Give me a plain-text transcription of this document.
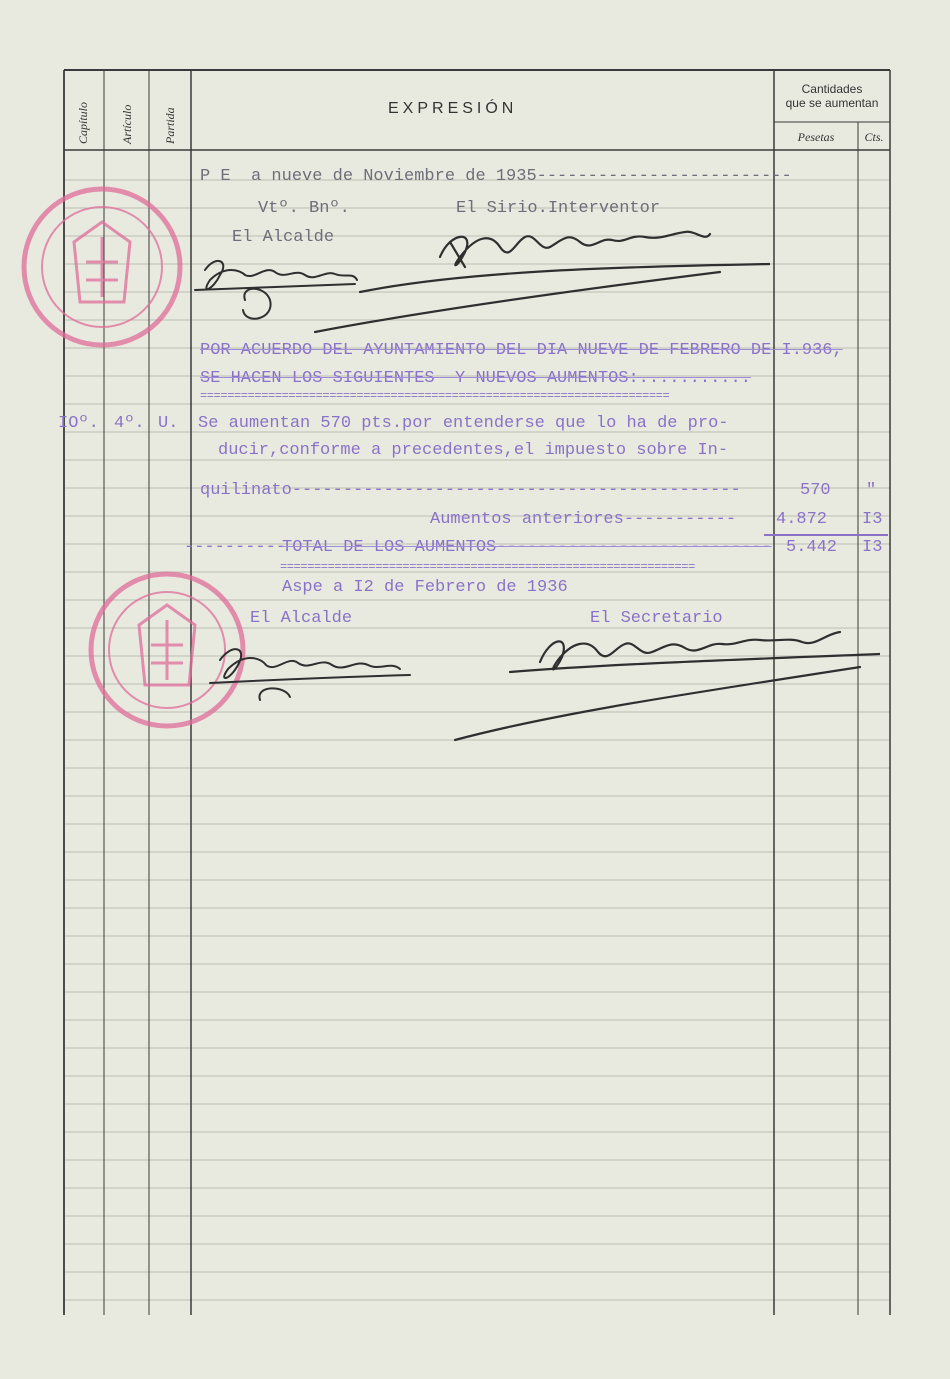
Capítulo	Artículo Partida	EXPRESIÓN
Cantidades
que se aumentan
Pesetas	Cts.
P E  a nueve de Noviembre de 1935-------------------------
Vtº. Bnº.	El Sirio.Interventor
El Alcalde
POR ACUERDO DEL AYUNTAMIENTO DEL DIA NUEVE DE FEBRERO DE I.936,
SE HACEN LOS SIGUIENTES  Y NUEVOS AUMENTOS:...........
=====================================================================
IOº. 4º. U. Se aumentan 570 pts.por entenderse que lo ha de pro-
ducir,conforme a precedentes,el impuesto sobre In-
quilinato--------------------------------------------	570 "
Aumentos anteriores----------- 4.872 I3
----------
TOTAL DE LOS AUMENTOS--------------------------- 5.442 I3
=============================================================
Aspe a I2 de Febrero de 1936
El Alcalde	El Secretario
